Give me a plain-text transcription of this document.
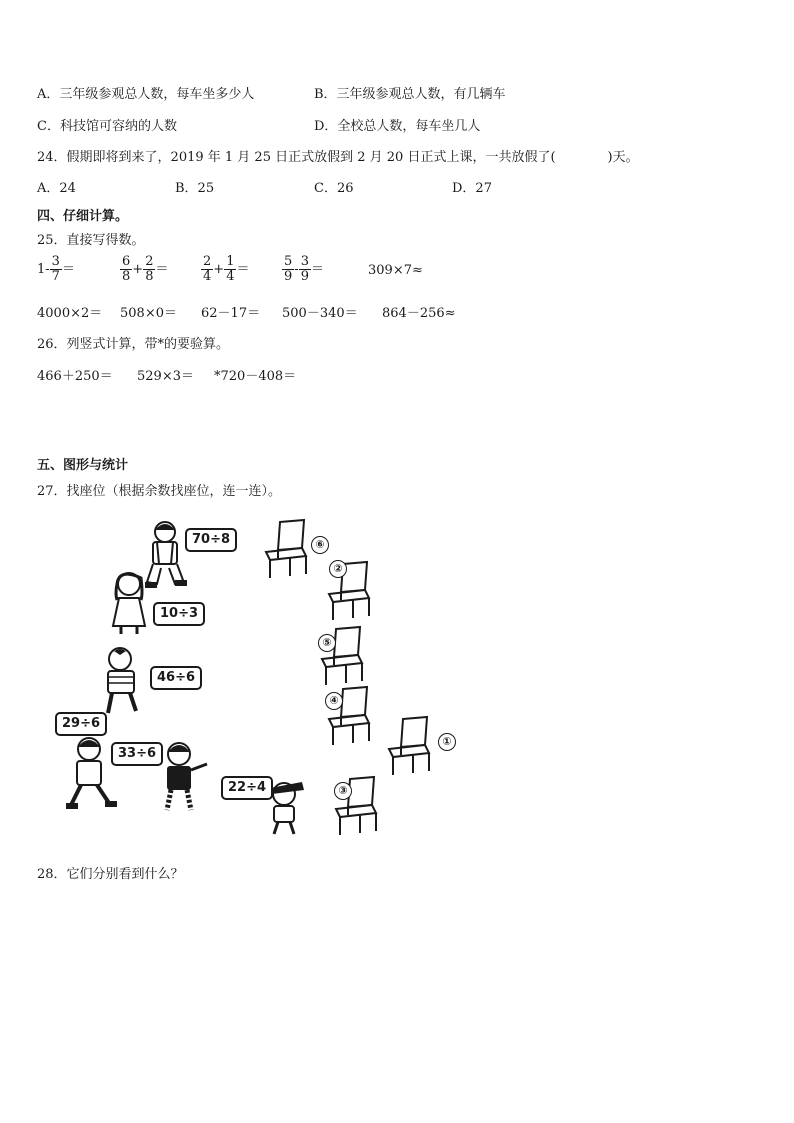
A．三年级参观总人数，每车坐多少人	B．三年级参观总人数，有几辆车
C．科技馆可容纳的人数	D．全校总人数，每车坐几人
24．假期即将到来了，2019 年 1 月 25 日正式放假到 2 月 20 日正式上课，一共放假了(	)天。
A．24	B．25	C．26	D．27
四、仔细计算。
25．直接写得数。
$1- \frac{3}{7}$ ＝	$\frac{6}{8} + \frac{2}{8}$ ＝	$\frac{2}{4} + \frac{1}{4}$ ＝	$\frac{5}{9} - \frac{3}{9}$ ＝	309×7≈
4000×2＝ 508×0＝ 62－17＝ 500－340＝ 864－256≈
26．列竖式计算，带*的要验算。
466＋250＝ 529×3＝ *720－408＝
五、图形与统计
27．找座位（根据余数找座位，连一连）。
70÷8
10÷3
46÷6
29÷6
33÷6
22÷4
⑥
②
⑤
④
①
③
28．它们分别看到什么？
